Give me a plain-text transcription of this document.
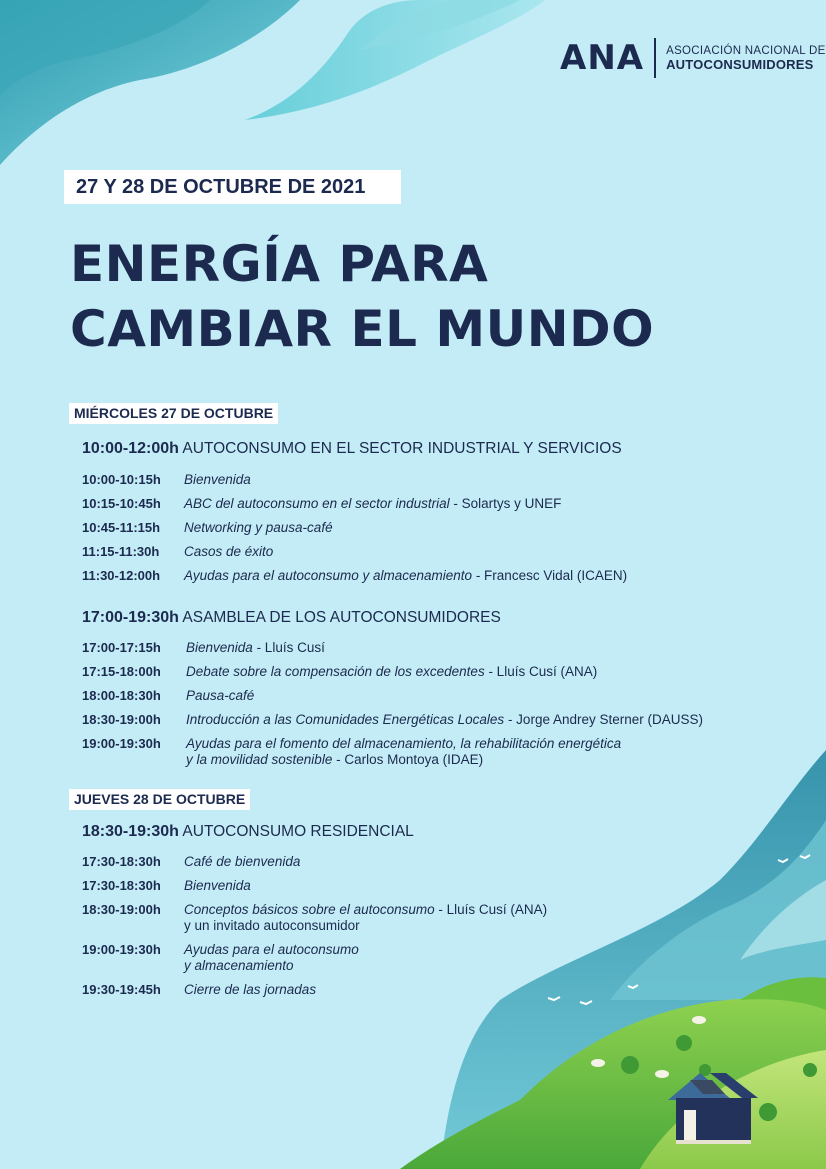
ANA ASOCIACIÓN NACIONAL DE
AUTOCONSUMIDORES
27 Y 28 DE OCTUBRE DE 2021
ENERGÍA PARA
CAMBIAR EL MUNDO
MIÉRCOLES 27 DE OCTUBRE
10:00-12:00h AUTOCONSUMO EN EL SECTOR INDUSTRIAL Y SERVICIOS
10:00-10:15h	Bienvenida
10:15-10:45h	ABC del autoconsumo en el sector industrial - Solartys y UNEF
10:45-11:15h	Networking y pausa-café
11:15-11:30h	Casos de éxito
11:30-12:00h	Ayudas para el autoconsumo y almacenamiento - Francesc Vidal (ICAEN)
17:00-19:30h ASAMBLEA DE LOS AUTOCONSUMIDORES
17:00-17:15h	Bienvenida - Lluís Cusí
17:15-18:00h	Debate sobre la compensación de los excedentes - Lluís Cusí (ANA)
18:00-18:30h	Pausa-café
18:30-19:00h	Introducción a las Comunidades Energéticas Locales - Jorge Andrey Sterner (DAUSS)
19:00-19:30h	Ayudas para el fomento del almacenamiento, la rehabilitación energética
y la movilidad sostenible - Carlos Montoya (IDAE)
JUEVES 28 DE OCTUBRE
18:30-19:30h AUTOCONSUMO RESIDENCIAL
17:30-18:30h	Café de bienvenida
17:30-18:30h	Bienvenida
18:30-19:00h	Conceptos básicos sobre el autoconsumo - Lluís Cusí (ANA)
y un invitado autoconsumidor
19:00-19:30h	Ayudas para el autoconsumo
y almacenamiento
19:30-19:45h	Cierre de las jornadas
